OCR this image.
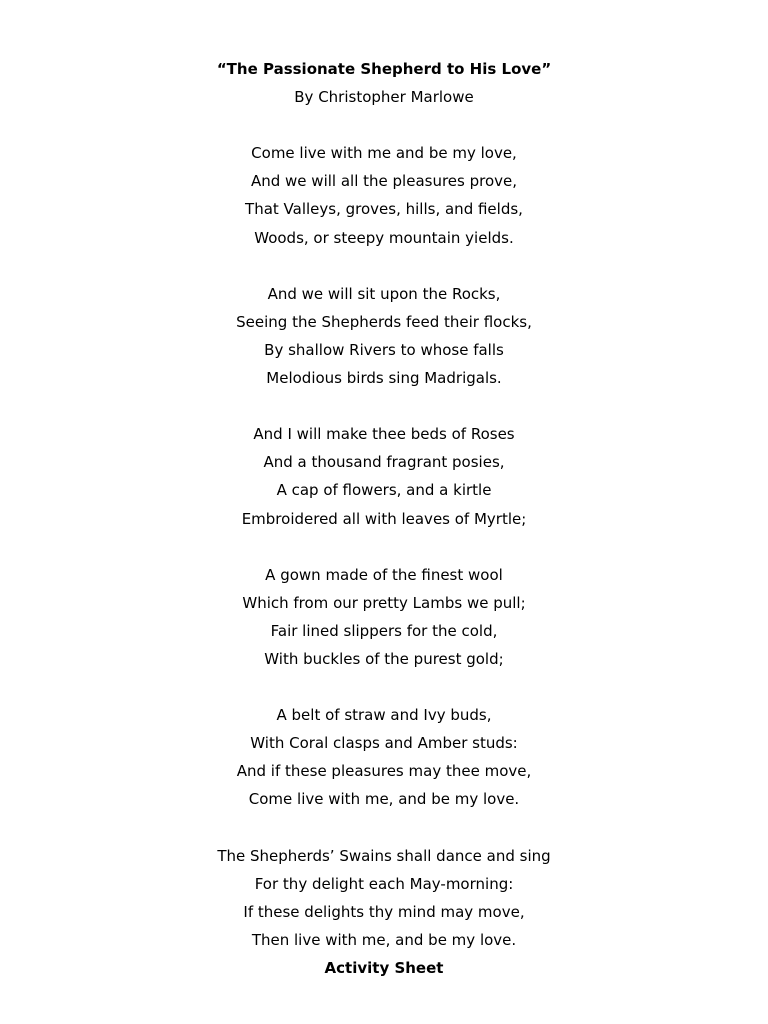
“The Passionate Shepherd to His Love”
By Christopher Marlowe
Come live with me and be my love,
And we will all the pleasures prove,
That Valleys, groves, hills, and fields,
Woods, or steepy mountain yields.
And we will sit upon the Rocks,
Seeing the Shepherds feed their flocks,
By shallow Rivers to whose falls
Melodious birds sing Madrigals.
And I will make thee beds of Roses
And a thousand fragrant posies,
A cap of flowers, and a kirtle
Embroidered all with leaves of Myrtle;
A gown made of the finest wool
Which from our pretty Lambs we pull;
Fair lined slippers for the cold,
With buckles of the purest gold;
A belt of straw and Ivy buds,
With Coral clasps and Amber studs:
And if these pleasures may thee move,
Come live with me, and be my love.
The Shepherds’ Swains shall dance and sing
For thy delight each May-morning:
If these delights thy mind may move,
Then live with me, and be my love.
Activity Sheet
